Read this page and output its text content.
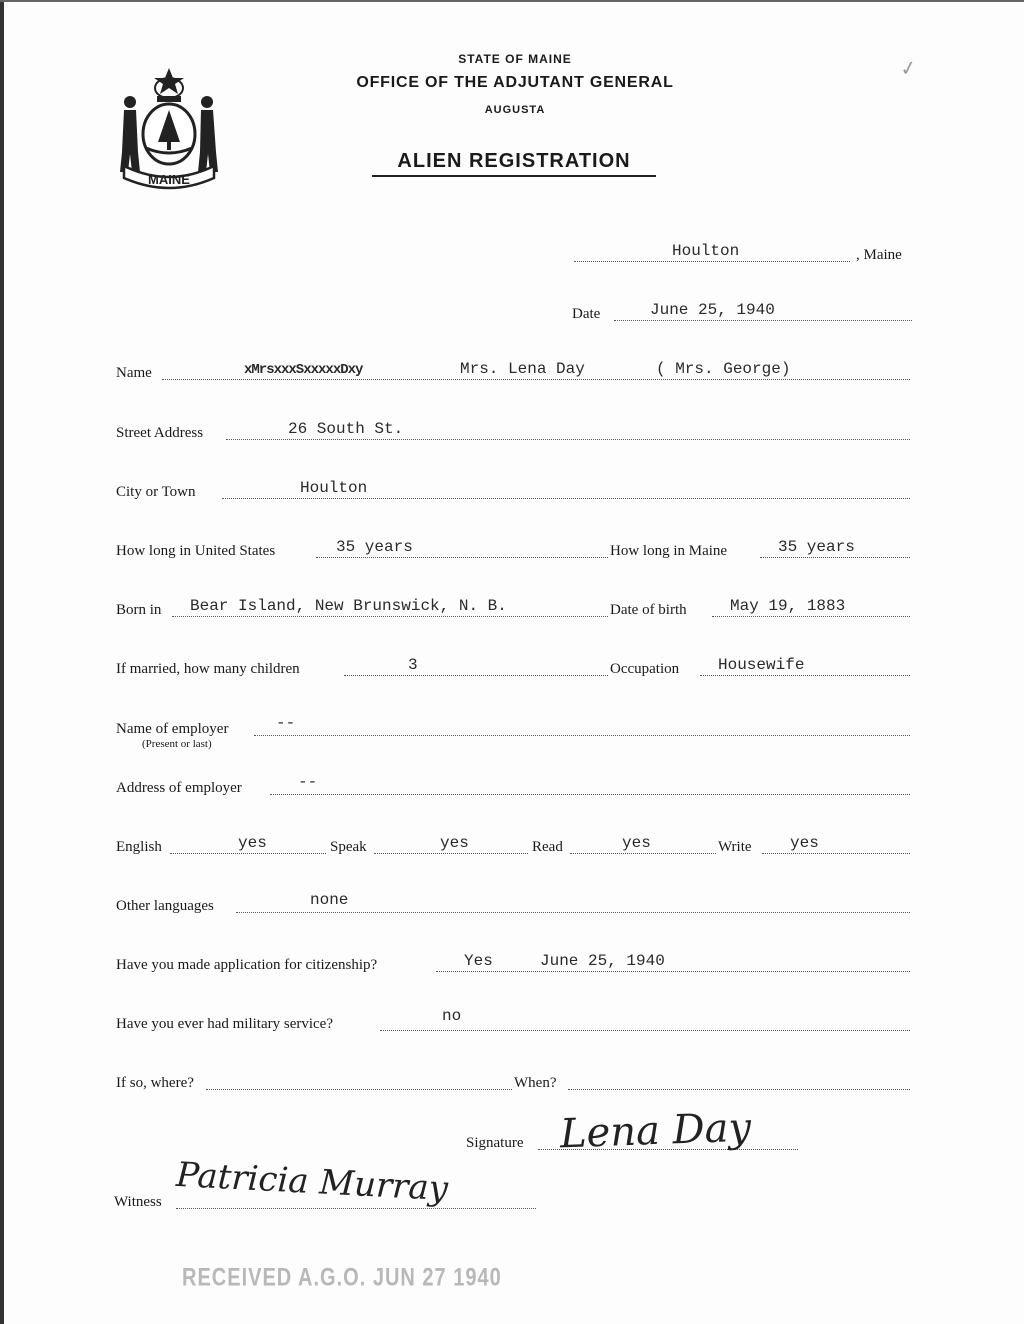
MAINE
STATE OF MAINE
OFFICE OF THE ADJUTANT GENERAL
AUGUSTA
ALIEN REGISTRATION
✓
Houlton	, Maine
Date	June 25, 1940
Name	xMrsxxxSxxxxxDxy	Mrs. Lena Day	( Mrs. George)
Street Address	26 South St.
City or Town	Houlton
How long in United States	35 years	How long in Maine	35 years
Born in Bear Island, New Brunswick, N. B.	Date of birth	May 19, 1883
If married, how many children	3	Occupation Housewife
Name of employer	--
(Present or last)
Address of employer	--
English	yes	Speak	yes	Read	yes	Write yes
Other languages	none
Have you made application for citizenship?	Yes	June 25, 1940
Have you ever had military service?	no
If so, where?	When?
Signature Lena Day
Witness Patricia Murray
RECEIVED A.G.O. JUN 27 1940
